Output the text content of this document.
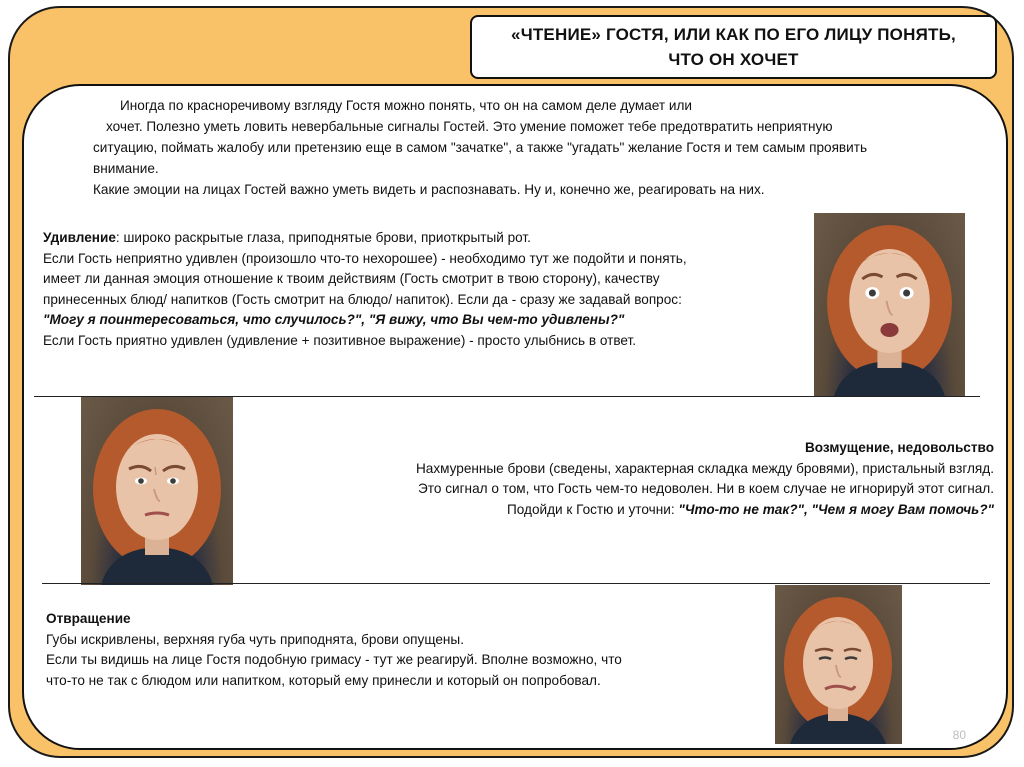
«ЧТЕНИЕ» ГОСТЯ, ИЛИ КАК ПО ЕГО ЛИЦУ ПОНЯТЬ,
ЧТО ОН ХОЧЕТ
Иногда по красноречивому взгляду Гостя можно понять, что он на самом деле думает или
хочет. Полезно уметь ловить невербальные сигналы Гостей. Это умение поможет тебе предотвратить неприятную
ситуацию, поймать жалобу или претензию еще в самом "зачатке", а также "угадать" желание Гостя и тем самым проявить
внимание.
Какие эмоции на лицах Гостей важно уметь видеть и распознавать. Ну и, конечно же, реагировать на них.
Удивление: широко раскрытые глаза, приподнятые брови, приоткрытый рот.
Если Гость неприятно удивлен (произошло что-то нехорошее) - необходимо тут же подойти и понять,
имеет ли данная эмоция отношение к твоим действиям (Гость смотрит в твою сторону), качеству
принесенных блюд/ напитков (Гость смотрит на блюдо/ напиток). Если да - сразу же задавай вопрос:
"Могу я поинтересоваться, что случилось?", "Я вижу, что Вы чем-то удивлены?"
Если Гость приятно удивлен (удивление + позитивное выражение) - просто улыбнись в ответ.
Возмущение, недовольство
Нахмуренные брови (сведены, характерная складка между бровями), пристальный взгляд.
Это сигнал о том, что Гость чем-то недоволен. Ни в коем случае не игнорируй этот сигнал.
Подойди к Гостю и уточни: "Что-то не так?", "Чем я могу Вам помочь?"
Отвращение
Губы искривлены, верхняя губа чуть приподнята, брови опущены.
Если ты видишь на лице Гостя подобную гримасу - тут же реагируй. Вполне возможно, что
что-то не так с блюдом или напитком, который ему принесли и который он попробовал.
80
